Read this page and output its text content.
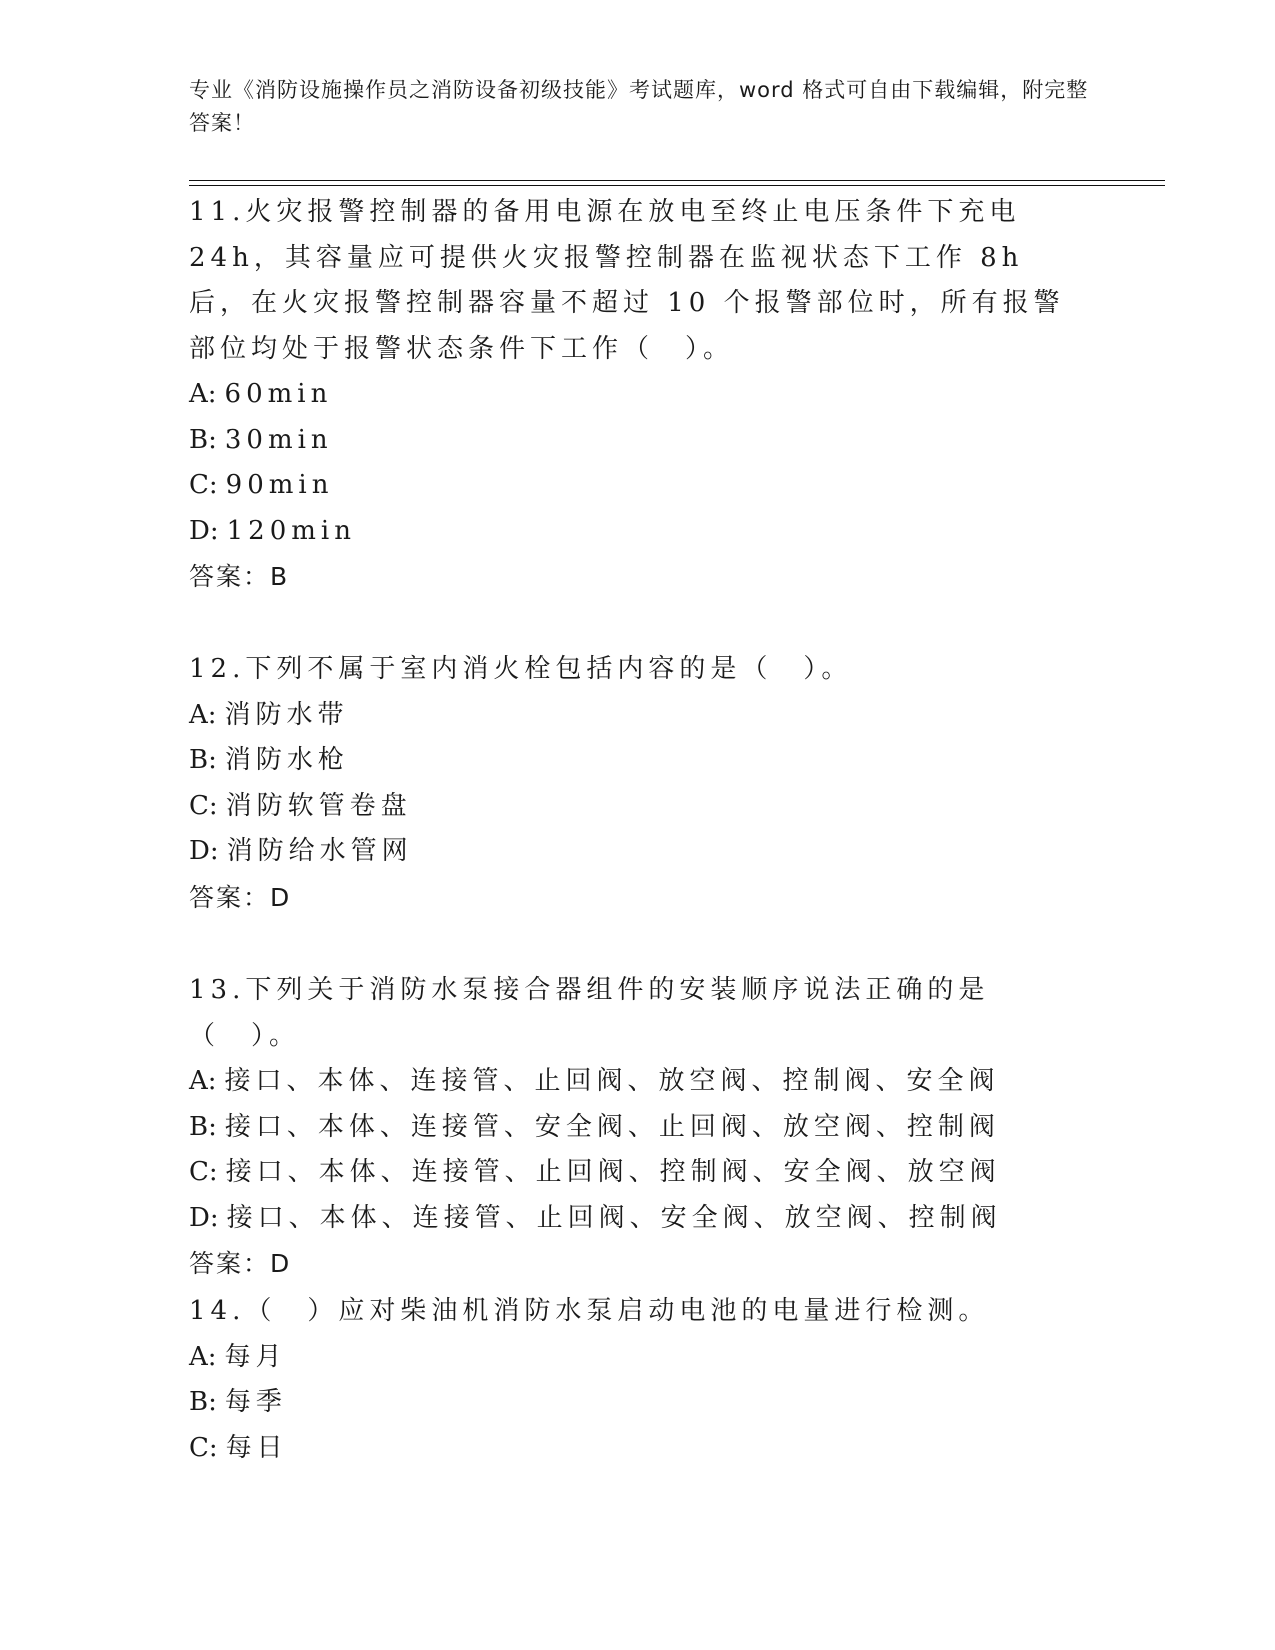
专业《消防设施操作员之消防设备初级技能》考试题库，word 格式可自由下载编辑，附完整答案！
11.火灾报警控制器的备用电源在放电至终止电压条件下充电 24h，其容量应可提供火灾报警控制器在监视状态下工作 8h 后，在火灾报警控制器容量不超过 10 个报警部位时，所有报警部位均处于报警状态条件下工作（　）。
A: 60min
B: 30min
C: 90min
D: 120min
答案：B
12.下列不属于室内消火栓包括内容的是（　）。
A: 消防水带
B: 消防水枪
C: 消防软管卷盘
D: 消防给水管网
答案：D
13.下列关于消防水泵接合器组件的安装顺序说法正确的是（　）。
A: 接口、本体、连接管、止回阀、放空阀、控制阀、安全阀
B: 接口、本体、连接管、安全阀、止回阀、放空阀、控制阀
C: 接口、本体、连接管、止回阀、控制阀、安全阀、放空阀
D: 接口、本体、连接管、止回阀、安全阀、放空阀、控制阀
答案：D
14.（　）应对柴油机消防水泵启动电池的电量进行检测。
A: 每月
B: 每季
C: 每日
